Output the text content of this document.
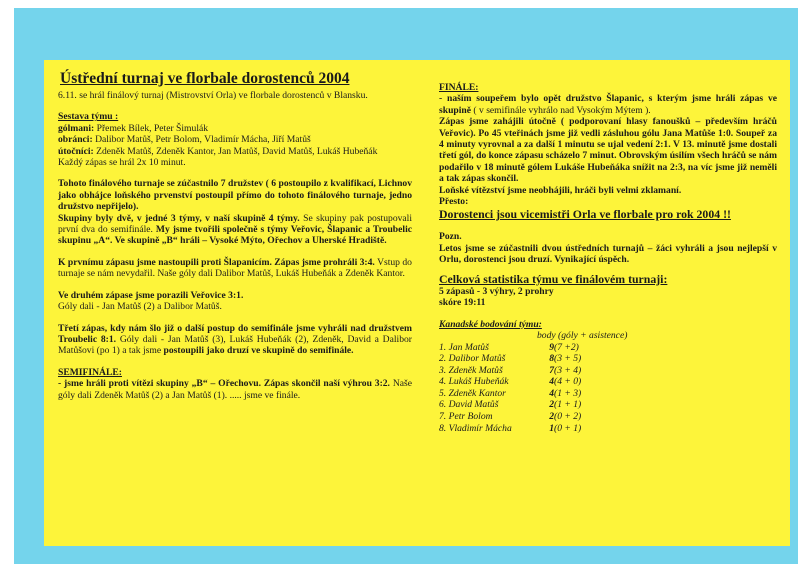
Ústřední turnaj ve florbale dorostenců 2004

6.11. se hrál finálový turnaj (Mistrovství Orla) ve florbale dorostenců v Blansku.

Sestava týmu :

gólmani: Přemek Bílek, Peter Šimulák

obránci: Dalibor Matůš, Petr Bolom, Vladimír Mácha, Jiří Matůš

útočníci: Zdeněk Matůš, Zdeněk Kantor, Jan Matůš, David Matůš, Lukáš Hubeňák

Každý zápas se hrál 2x 10 minut.

Tohoto finálového turnaje se zúčastnilo 7 družstev ( 6 postoupilo z kvalifikací, Lichnov jako obhájce loňského prvenství postoupil přímo do tohoto finálového turnaje, jedno družstvo nepřijelo).

Skupiny byly dvě, v jedné 3 týmy, v naší skupině 4 týmy. Se skupiny pak postupovali první dva do semifinále. My jsme tvořili společně s týmy Veřovic, Šlapanic a Troubelic skupinu „A“. Ve skupině „B“ hráli – Vysoké Mýto, Ořechov a Uherské Hradiště.

K prvnímu zápasu jsme nastoupili proti Šlapanicím. Zápas jsme prohráli 3:4. Vstup do turnaje se nám nevydařil. Naše góly dali Dalibor Matůš, Lukáš Hubeňák a Zdeněk Kantor.

Ve druhém zápase jsme porazili Veřovice 3:1.

Góly dali - Jan Matůš (2) a Dalibor Matůš.

Třetí zápas, kdy nám šlo již o další postup do semifinále jsme vyhráli nad družstvem Troubelic 8:1. Góly dali - Jan Matůš (3), Lukáš Hubeňák (2), Zdeněk, David a Dalibor Matůšovi (po 1) a tak jsme postoupili jako druzí ve skupině do semifinále.

SEMIFINÁLE:

- jsme hráli proti vítězi skupiny „B“ – Ořechovu. Zápas skončil naší výhrou 3:2. Naše góly dali Zdeněk Matůš (2) a Jan Matůš (1). ..... jsme ve finále.

FINÁLE:

- naším soupeřem bylo opět družstvo Šlapanic, s kterým jsme hráli zápas ve skupině ( v semifinále vyhrálo nad Vysokým Mýtem ).

Zápas jsme zahájili útočně ( podporovaní hlasy fanoušků – především hráčů Veřovic). Po 45 vteřinách jsme již vedli zásluhou gólu Jana Matůše 1:0. Soupeř za 4 minuty vyrovnal a za další 1 minutu se ujal vedení 2:1. V 13. minutě jsme dostali třetí gól, do konce zápasu scházelo 7 minut. Obrovským úsilím všech hráčů se nám podařilo v 18 minutě gólem Lukáše Hubeňáka snížit na 2:3, na víc jsme již neměli a tak zápas skončil.

Loňské vítězství jsme neobhájili, hráči byli velmi zklamaní.

Přesto:

Dorostenci jsou vicemistři Orla ve florbale pro rok 2004 !!

Pozn.

Letos jsme se zúčastnili dvou ústředních turnajů – žáci vyhráli a jsou nejlepší v Orlu, dorostenci jsou druzí. Vynikající úspěch.

Celková statistika týmu ve finálovém turnaji:

5 zápasů - 3 výhry, 2 prohry

skóre 19:11

Kanadské bodování týmu:

body (góly + asistence)
1. Jan Matůš	9	(7 +2)
2. Dalibor Matůš	8	(3 + 5)
3. Zdeněk Matůš	7	(3 + 4)
4. Lukáš Hubeňák	4	(4 + 0)
5. Zdeněk Kantor	4	(1 + 3)
6. David Matůš	2	(1 + 1)
7. Petr Bolom	2	(0 + 2)
8. Vladimír Mácha	1	(0 + 1)
